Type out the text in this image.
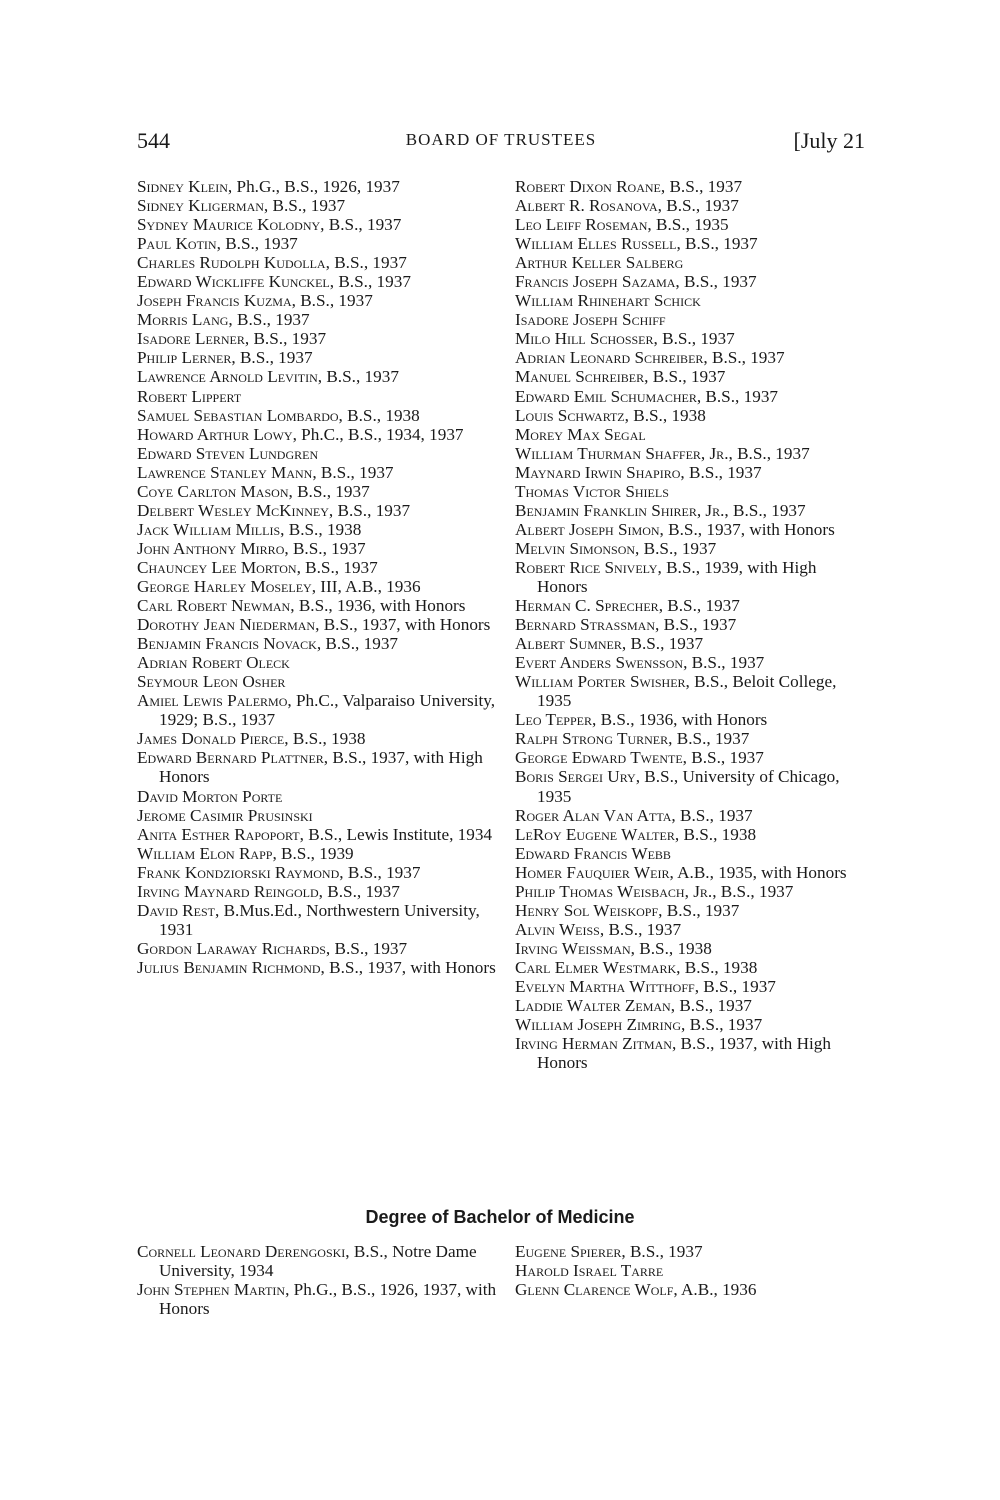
544	BOARD OF TRUSTEES	[July 21
Sidney Klein, Ph.G., B.S., 1926, 1937
Sidney Kligerman, B.S., 1937
Sydney Maurice Kolodny, B.S., 1937
Paul Kotin, B.S., 1937
Charles Rudolph Kudolla, B.S., 1937
Edward Wickliffe Kunckel, B.S., 1937
Joseph Francis Kuzma, B.S., 1937
Morris Lang, B.S., 1937
Isadore Lerner, B.S., 1937
Philip Lerner, B.S., 1937
Lawrence Arnold Levitin, B.S., 1937
Robert Lippert
Samuel Sebastian Lombardo, B.S., 1938
Howard Arthur Lowy, Ph.C., B.S., 1934, 1937
Edward Steven Lundgren
Lawrence Stanley Mann, B.S., 1937
Coye Carlton Mason, B.S., 1937
Delbert Wesley McKinney, B.S., 1937
Jack William Millis, B.S., 1938
John Anthony Mirro, B.S., 1937
Chauncey Lee Morton, B.S., 1937
George Harley Moseley, III, A.B., 1936
Carl Robert Newman, B.S., 1936, with Honors
Dorothy Jean Niederman, B.S., 1937, with Honors
Benjamin Francis Novack, B.S., 1937
Adrian Robert Oleck
Seymour Leon Osher
Amiel Lewis Palermo, Ph.C., Valparaiso University, 1929; B.S., 1937
James Donald Pierce, B.S., 1938
Edward Bernard Plattner, B.S., 1937, with High Honors
David Morton Porte
Jerome Casimir Prusinski
Anita Esther Rapoport, B.S., Lewis Institute, 1934
William Elon Rapp, B.S., 1939
Frank Kondziorski Raymond, B.S., 1937
Irving Maynard Reingold, B.S., 1937
David Rest, B.Mus.Ed., Northwestern University, 1931
Gordon Laraway Richards, B.S., 1937
Julius Benjamin Richmond, B.S., 1937, with Honors
Robert Dixon Roane, B.S., 1937
Albert R. Rosanova, B.S., 1937
Leo Leiff Roseman, B.S., 1935
William Elles Russell, B.S., 1937
Arthur Keller Salberg
Francis Joseph Sazama, B.S., 1937
William Rhinehart Schick
Isadore Joseph Schiff
Milo Hill Schosser, B.S., 1937
Adrian Leonard Schreiber, B.S., 1937
Manuel Schreiber, B.S., 1937
Edward Emil Schumacher, B.S., 1937
Louis Schwartz, B.S., 1938
Morey Max Segal
William Thurman Shaffer, Jr., B.S., 1937
Maynard Irwin Shapiro, B.S., 1937
Thomas Victor Shiels
Benjamin Franklin Shirer, Jr., B.S., 1937
Albert Joseph Simon, B.S., 1937, with Honors
Melvin Simonson, B.S., 1937
Robert Rice Snively, B.S., 1939, with High Honors
Herman C. Sprecher, B.S., 1937
Bernard Strassman, B.S., 1937
Albert Sumner, B.S., 1937
Evert Anders Swensson, B.S., 1937
William Porter Swisher, B.S., Beloit College, 1935
Leo Tepper, B.S., 1936, with Honors
Ralph Strong Turner, B.S., 1937
George Edward Twente, B.S., 1937
Boris Sergei Ury, B.S., University of Chicago, 1935
Roger Alan Van Atta, B.S., 1937
LeRoy Eugene Walter, B.S., 1938
Edward Francis Webb
Homer Fauquier Weir, A.B., 1935, with Honors
Philip Thomas Weisbach, Jr., B.S., 1937
Henry Sol Weiskopf, B.S., 1937
Alvin Weiss, B.S., 1937
Irving Weissman, B.S., 1938
Carl Elmer Westmark, B.S., 1938
Evelyn Martha Witthoff, B.S., 1937
Laddie Walter Zeman, B.S., 1937
William Joseph Zimring, B.S., 1937
Irving Herman Zitman, B.S., 1937, with High Honors
Degree of Bachelor of Medicine
Cornell Leonard Derengoski, B.S., Notre Dame University, 1934
John Stephen Martin, Ph.G., B.S., 1926, 1937, with Honors
Eugene Spierer, B.S., 1937
Harold Israel Tarre
Glenn Clarence Wolf, A.B., 1936
